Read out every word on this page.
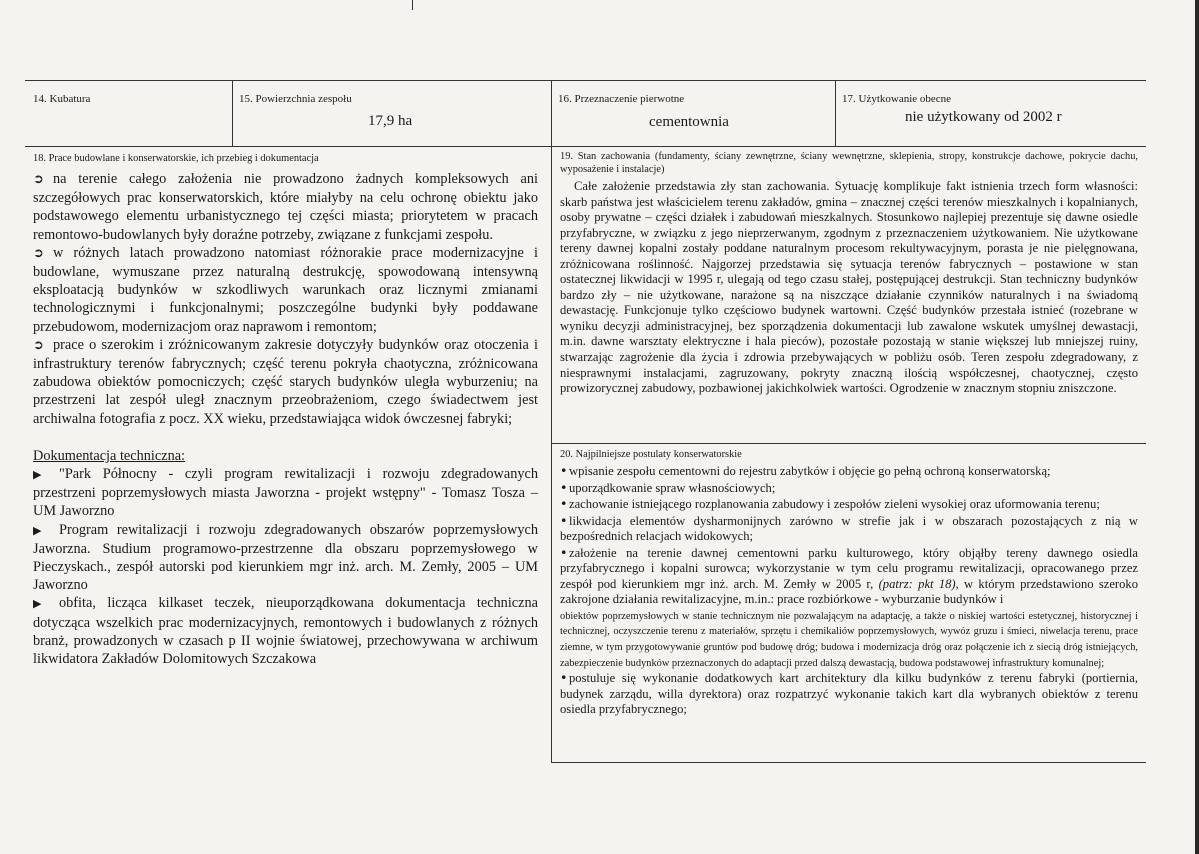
14. Kubatura	15. Powierzchnia zespołu
17,9 ha
16. Przeznaczenie pierwotne
cementownia
17. Użytkowanie obecne
nie użytkowany od 2002 r
18. Prace budowlane i konserwatorskie, ich przebieg i dokumentacja

➲ na terenie całego założenia nie prowadzono żadnych kompleksowych ani szczegółowych prac konserwatorskich, które miałyby na celu ochronę obiektu jako podstawowego elementu urbanistycznego tej części miasta; priorytetem w pracach remontowo-budowlanych były doraźne potrzeby, związane z funkcjami zespołu.

➲ w różnych latach prowadzono natomiast różnorakie prace modernizacyjne i budowlane, wymuszane przez naturalną destrukcję, spowodowaną intensywną eksploatacją budynków w szkodliwych warunkach oraz licznymi zmianami technologicznymi i funkcjonalnymi; poszczególne budynki były poddawane przebudowom, modernizacjom oraz naprawom i remontom;

➲ prace o szerokim i zróżnicowanym zakresie dotyczyły budynków oraz otoczenia i infrastruktury terenów fabrycznych; część terenu pokryła chaotyczna, zróżnicowana zabudowa obiektów pomocniczych; część starych budynków uległa wyburzeniu; na przestrzeni lat zespół uległ znacznym przeobrażeniom, czego świadectwem jest archiwalna fotografia z pocz. XX wieku, przedstawiająca widok ówczesnej fabryki;

Dokumentacja techniczna:

▶ "Park Północny - czyli program rewitalizacji i rozwoju zdegradowanych przestrzeni poprzemysłowych miasta Jaworzna - projekt wstępny" - Tomasz Tosza – UM Jaworzno

▶ Program rewitalizacji i rozwoju zdegradowanych obszarów poprzemysłowych Jaworzna. Studium programowo-przestrzenne dla obszaru poprzemysłowego w Pieczyskach., zespół autorski pod kierunkiem mgr inż. arch. M. Zemły, 2005 – UM Jaworzno

▶ obfita, licząca kilkaset teczek, nieuporządkowana dokumentacja techniczna dotycząca wszelkich prac modernizacyjnych, remontowych i budowlanych z różnych branż, prowadzonych w czasach p II wojnie światowej, przechowywana w archiwum likwidatora Zakładów Dolomitowych Szczakowa

19. Stan zachowania (fundamenty, ściany zewnętrzne, ściany wewnętrzne, sklepienia, stropy, konstrukcje dachowe, pokrycie dachu, wyposażenie i instalacje)

Całe założenie przedstawia zły stan zachowania. Sytuację komplikuje fakt istnienia trzech form własności: skarb państwa jest właścicielem terenu zakładów, gmina – znacznej części terenów mieszkalnych i kopalnianych, osoby prywatne – części działek i zabudowań mieszkalnych. Stosunkowo najlepiej prezentuje się dawne osiedle przyfabryczne, w związku z jego nieprzerwanym, zgodnym z przeznaczeniem użytkowaniem. Nie użytkowane tereny dawnej kopalni zostały poddane naturalnym procesom rekultywacyjnym, porasta je nie pielęgnowana, zróżnicowana roślinność. Najgorzej przedstawia się sytuacja terenów fabrycznych – postawione w stan ostatecznej likwidacji w 1995 r, ulegają od tego czasu stałej, postępującej destrukcji. Stan techniczny budynków bardzo zły – nie użytkowane, narażone są na niszczące działanie czynników naturalnych i na świadomą dewastację. Funkcjonuje tylko częściowo budynek wartowni. Część budynków przestała istnieć (rozebrane w wyniku decyzji administracyjnej, bez sporządzenia dokumentacji lub zawalone wskutek umyślnej dewastacji, m.in. dawne warsztaty elektryczne i hala pieców), pozostałe pozostają w stanie większej lub mniejszej ruiny, stwarzając zagrożenie dla życia i zdrowia przebywających w pobliżu osób. Teren zespołu zdegradowany, z niesprawnymi instalacjami, zagruzowany, pokryty znaczną ilością współczesnej, chaotycznej, często prowizorycznej zabudowy, pozbawionej jakichkolwiek wartości. Ogrodzenie w znacznym stopniu zniszczone.

20. Najpilniejsze postulaty konserwatorskie

• wpisanie zespołu cementowni do rejestru zabytków i objęcie go pełną ochroną konserwatorską;

• uporządkowanie spraw własnościowych;

• zachowanie istniejącego rozplanowania zabudowy i zespołów zieleni wysokiej oraz uformowania terenu;

• likwidacja elementów dysharmonijnych zarówno w strefie jak i w obszarach pozostających z nią w bezpośrednich relacjach widokowych;

• założenie na terenie dawnej cementowni parku kulturowego, który objąłby tereny dawnego osiedla przyfabrycznego i kopalni surowca; wykorzystanie w tym celu programu rewitalizacji, opracowanego przez zespół pod kierunkiem mgr inż. arch. M. Zemły w 2005 r, (patrz: pkt 18), w którym przedstawiono szeroko zakrojone działania rewitalizacyjne, m.in.: prace rozbiórkowe - wyburzanie budynków i
obiektów poprzemysłowych w stanie technicznym nie pozwalającym na adaptację, a także o niskiej wartości estetycznej, historycznej i technicznej, oczyszczenie terenu z materiałów, sprzętu i chemikaliów poprzemysłowych, wywóz gruzu i śmieci, niwelacja terenu, prace ziemne, w tym przygotowywanie gruntów pod budowę dróg; budowa i modernizacja dróg oraz połączenie ich z siecią dróg istniejących, zabezpieczenie budynków przeznaczonych do adaptacji przed dalszą dewastacją, budowa podstawowej infrastruktury komunalnej;

• postuluje się wykonanie dodatkowych kart architektury dla kilku budynków z terenu fabryki (portiernia, budynek zarządu, willa dyrektora) oraz rozpatrzyć wykonanie takich kart dla wybranych obiektów z terenu osiedla przyfabrycznego;
